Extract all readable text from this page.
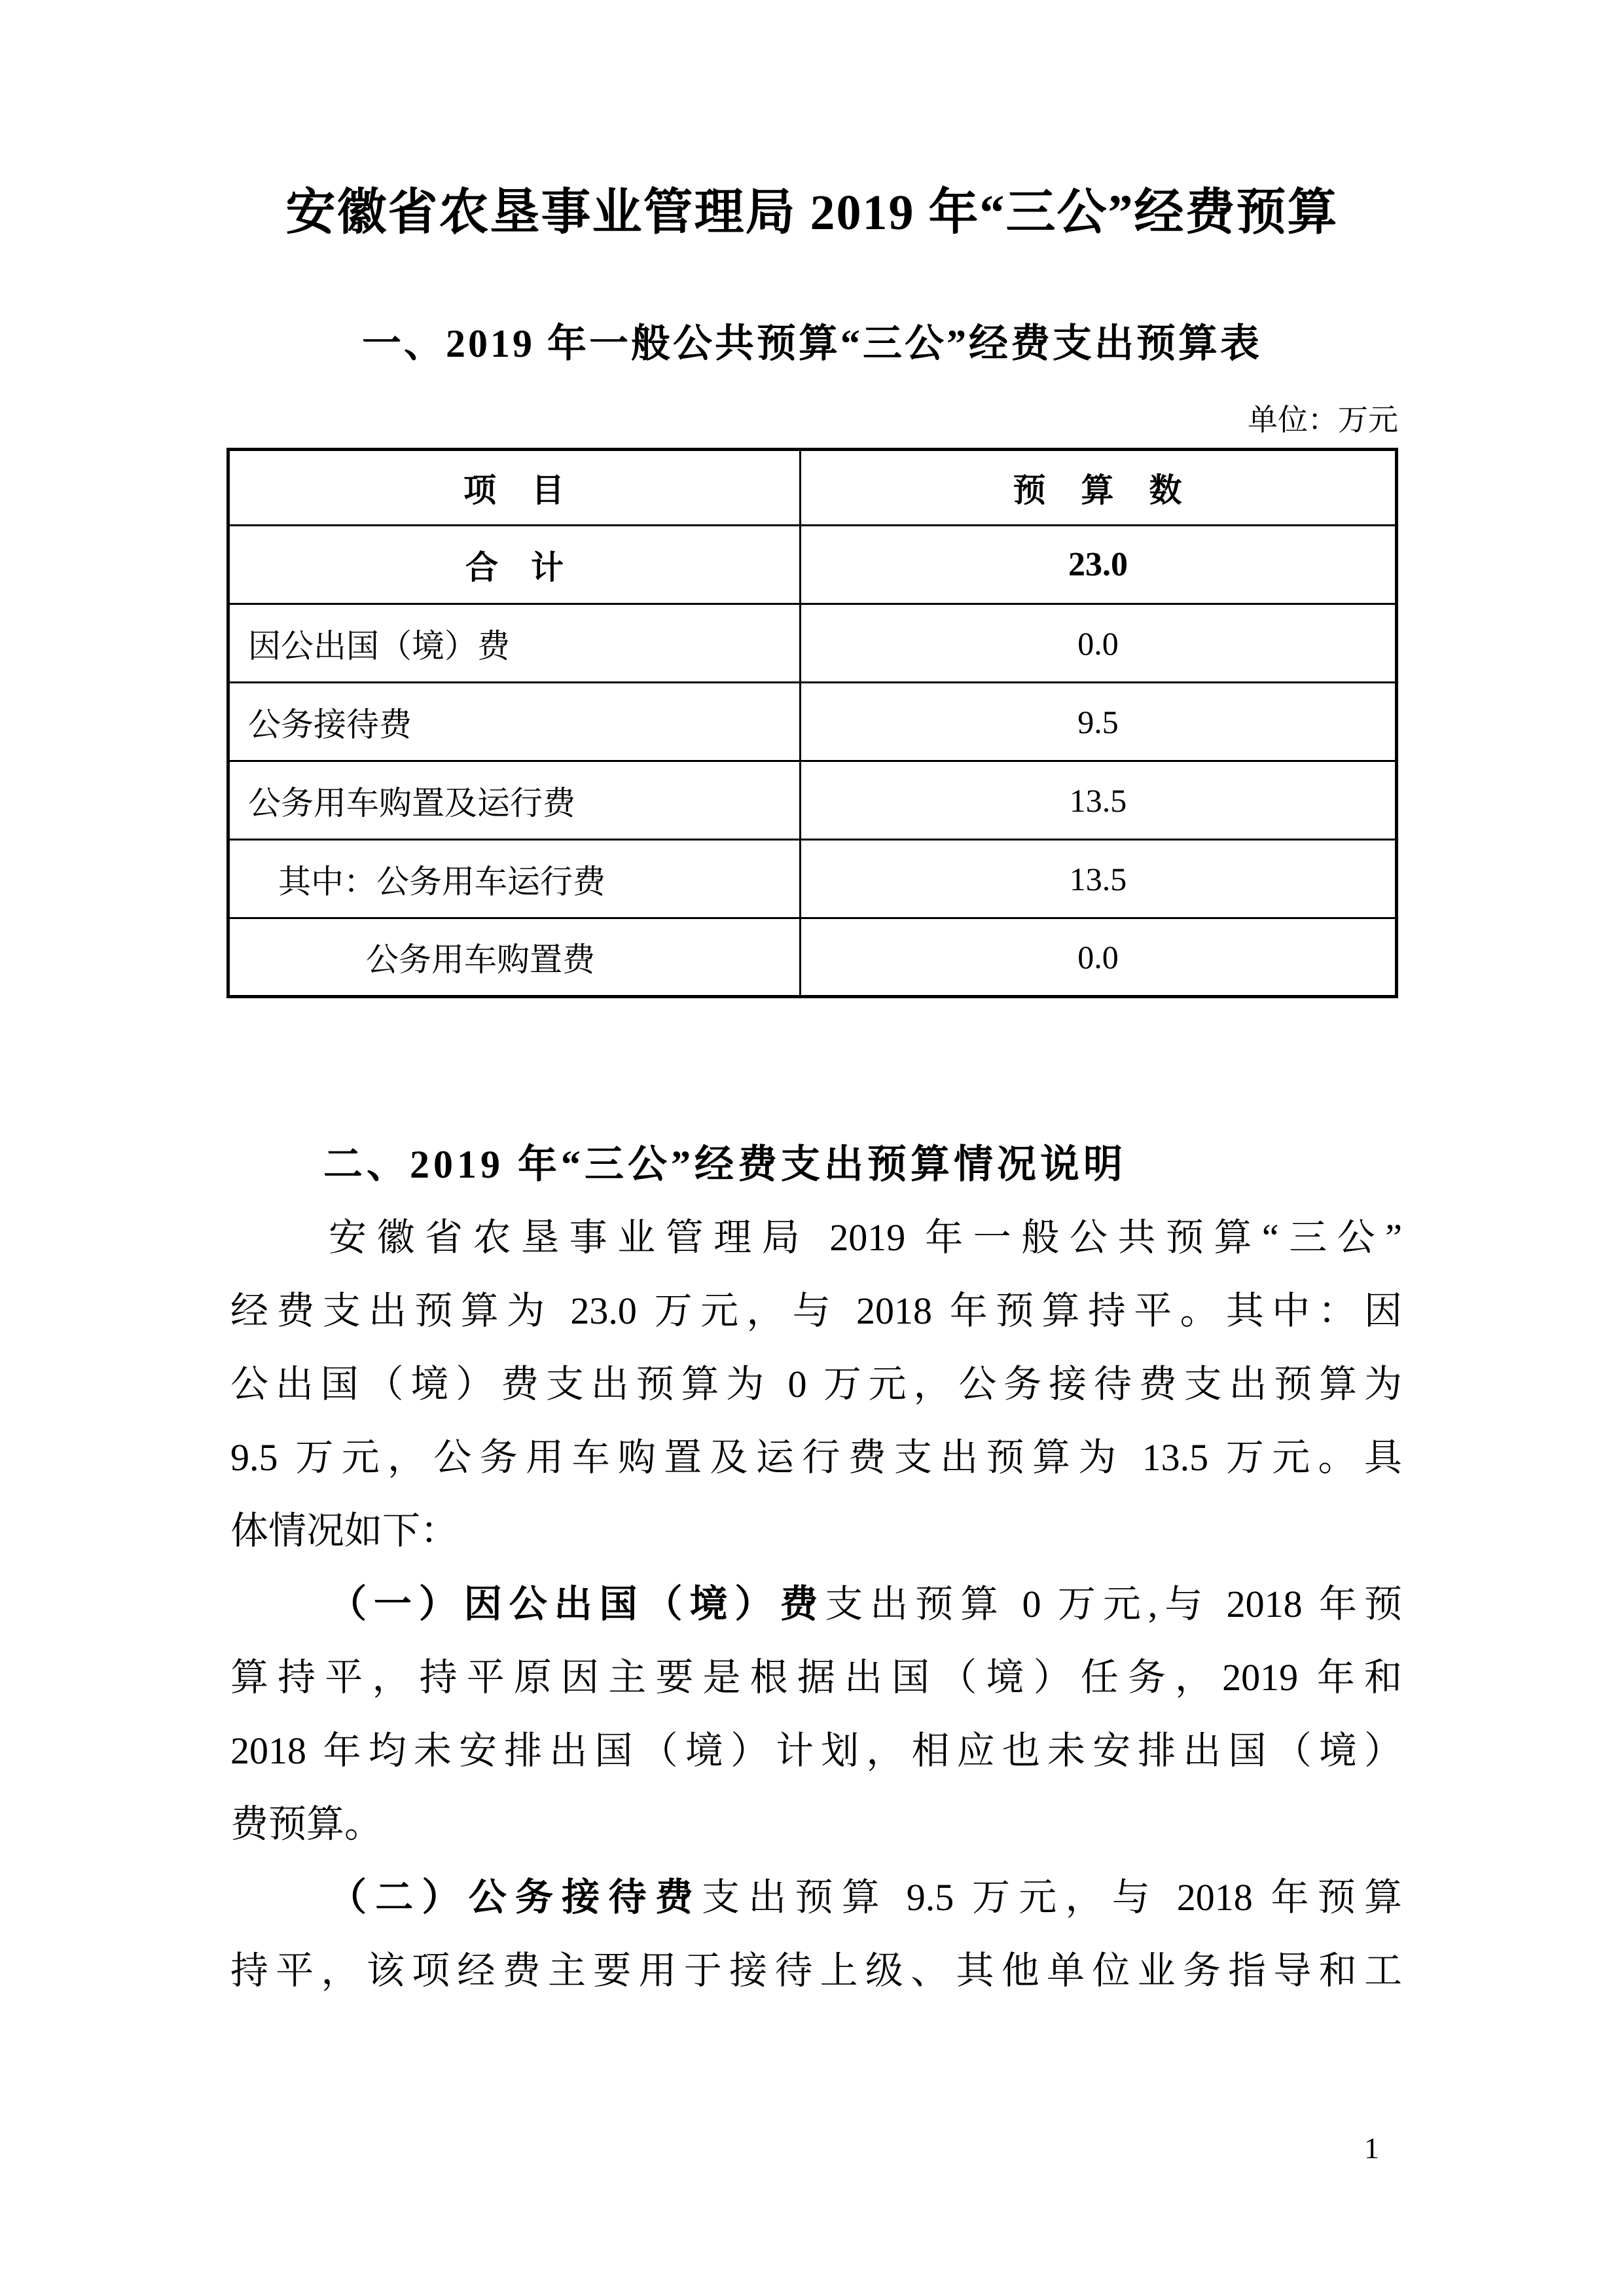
安徽省农垦事业管理局 2019 年“三公”经费预算
一、2019 年一般公共预算“三公”经费支出预算表
单位：万元
项　目	预　算　数
合　计	23.0
因公出国（境）费	0.0
公务接待费	9.5
公务用车购置及运行费	13.5
其中：公务用车运行费	13.5
公务用车购置费	0.0
二、2019 年“三公”经费支出预算情况说明
安徽省农垦事业管理局 2019 年一般公共预算“三公”
经费支出预算为 23.0 万元，与 2018 年预算持平。其中：因
公出国（境）费支出预算为 0 万元，公务接待费支出预算为
9.5 万元，公务用车购置及运行费支出预算为 13.5 万元。具
体情况如下：
（一）因公出国（境）费支出预算 0 万元,与 2018 年预
算持平，持平原因主要是根据出国（境）任务，2019 年和
2018 年均未安排出国（境）计划，相应也未安排出国（境）
费预算。
（二）公务接待费支出预算 9.5 万元，与 2018 年预算
持平，该项经费主要用于接待上级、其他单位业务指导和工
1
